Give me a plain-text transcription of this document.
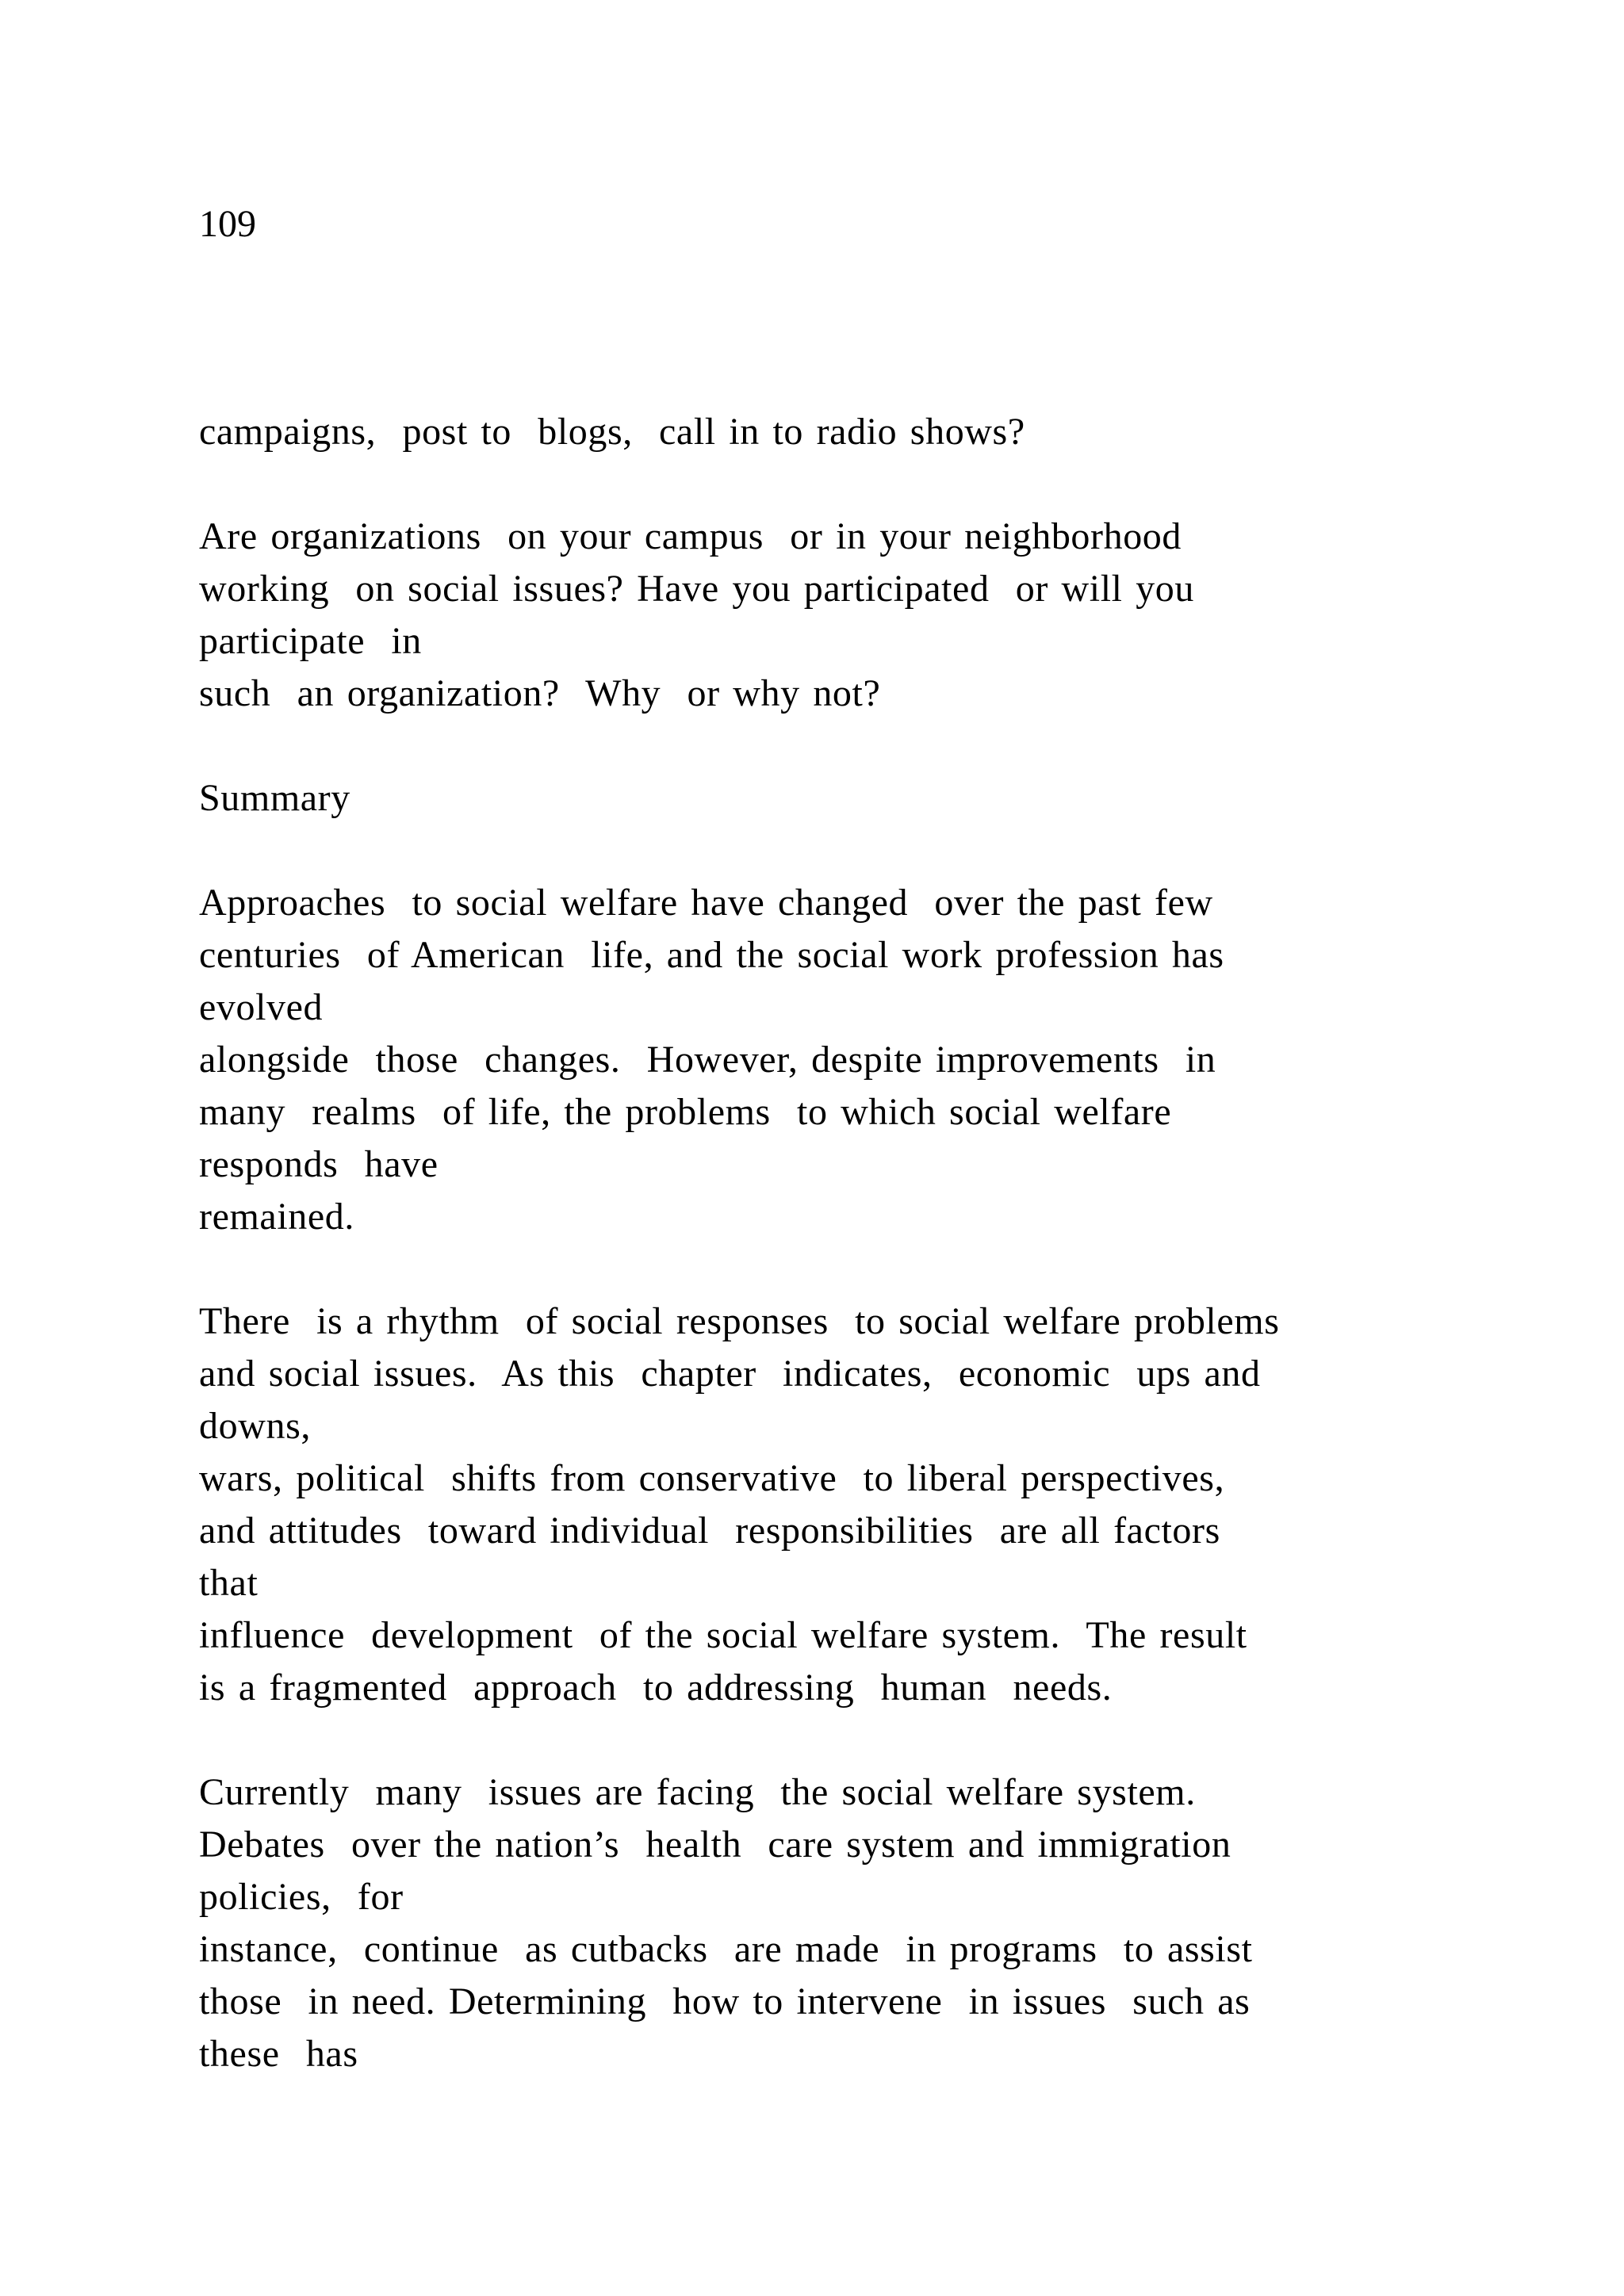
109

campaigns,  post to  blogs,  call in to radio shows?
Are organizations  on your campus  or in your neighborhood
working  on social issues? Have you participated  or will you
participate  in
such  an organization?  Why  or why not?
Summary
Approaches  to social welfare have changed  over the past few
centuries  of American  life, and the social work profession has
evolved
alongside  those  changes.  However, despite improvements  in
many  realms  of life, the problems  to which social welfare
responds  have
remained.
There  is a rhythm  of social responses  to social welfare problems
and social issues.  As this  chapter  indicates,  economic  ups and
downs,
wars, political  shifts from conservative  to liberal perspectives,
and attitudes  toward individual  responsibilities  are all factors
that
influence  development  of the social welfare system.  The result
is a fragmented  approach  to addressing  human  needs.
Currently  many  issues are facing  the social welfare system.
Debates  over the nation’s  health  care system and immigration
policies,  for
instance,  continue  as cutbacks  are made  in programs  to assist
those  in need. Determining  how to intervene  in issues  such as
these  has
